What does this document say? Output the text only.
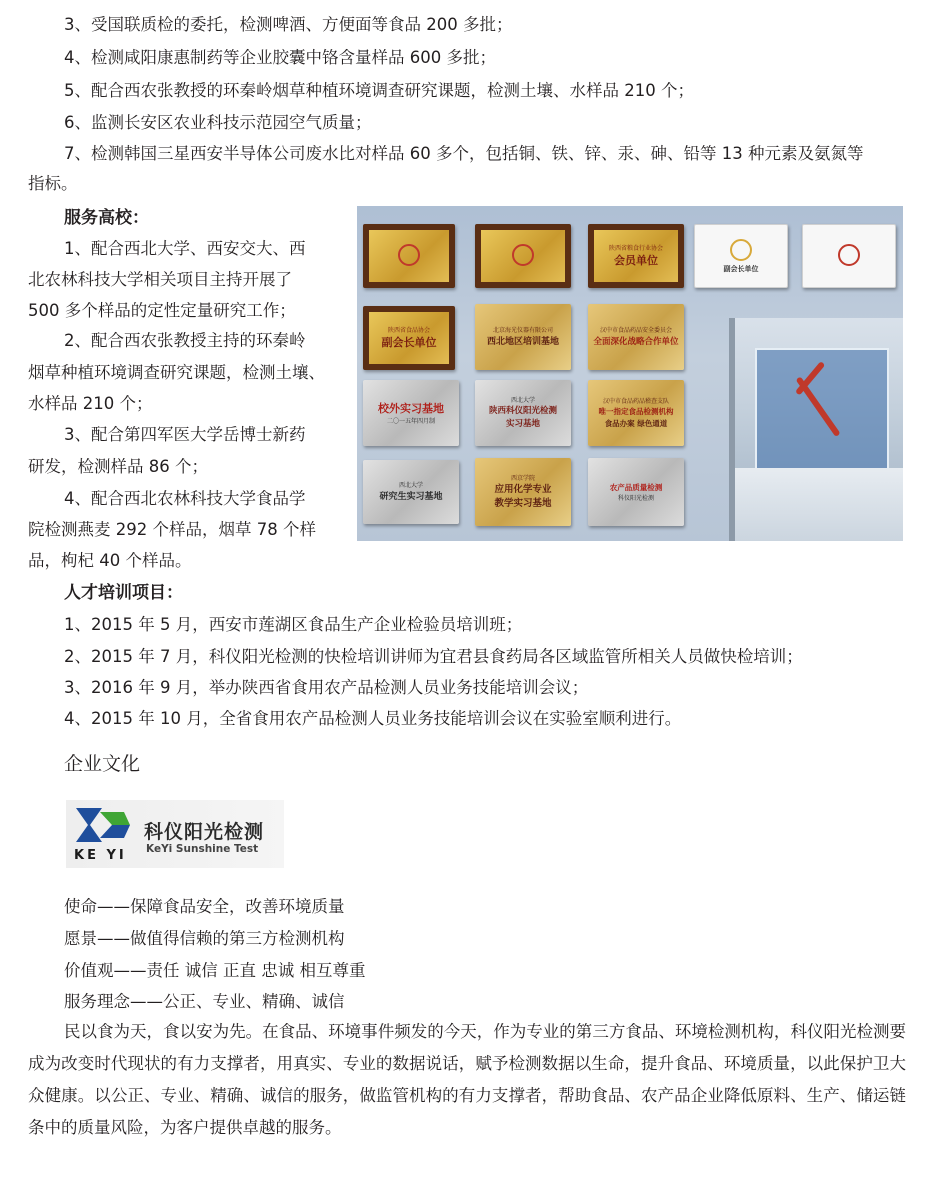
3、受国联质检的委托，检测啤酒、方便面等食品 200 多批；
4、检测咸阳康惠制药等企业胶囊中铬含量样品 600 多批；
5、配合西农张教授的环秦岭烟草种植环境调查研究课题，检测土壤、水样品 210 个；
6、监测长安区农业科技示范园空气质量；
7、检测韩国三星西安半导体公司废水比对样品 60 多个，包括铜、铁、锌、汞、砷、铅等 13 种元素及氨氮等
指标。
服务高校：
1、配合西北大学、西安交大、西
北农林科技大学相关项目主持开展了
500 多个样品的定性定量研究工作；
2、配合西农张教授主持的环秦岭
烟草种植环境调查研究课题，检测土壤、
水样品 210 个；
3、配合第四军医大学岳博士新药
研发，检测样品 86 个；
4、配合西北农林科技大学食品学
院检测燕麦 292 个样品，烟草 78 个样
品，枸杞 40 个样品。
陕西省粮食行业协会
会员单位
副会长单位
陕西省食品协会
副会长单位
北京海光仪器有限公司
西北地区培训基地
汉中市食品药品安全委员会
全面深化战略合作单位
校外实习基地
二〇一五年四月制
西北大学
陕西科仪阳光检测
实习基地
汉中市食品药品稽查支队
唯一指定食品检测机构
食品办案 绿色通道
西北大学
研究生实习基地
西京学院
应用化学专业
教学实习基地
农产品质量检测
科仪阳光检测
人才培训项目：
1、2015 年 5 月，西安市莲湖区食品生产企业检验员培训班；
2、2015 年 7 月，科仪阳光检测的快检培训讲师为宜君县食药局各区域监管所相关人员做快检培训；
3、2016 年 9 月，举办陕西省食用农产品检测人员业务技能培训会议；
4、2015 年 10 月，全省食用农产品检测人员业务技能培训会议在实验室顺利进行。
企业文化
KE YI
科仪阳光检测
KeYi Sunshine Test
使命——保障食品安全，改善环境质量
愿景——做值得信赖的第三方检测机构
价值观——责任 诚信 正直 忠诚 相互尊重
服务理念——公正、专业、精确、诚信
民以食为天，食以安为先。在食品、环境事件频发的今天，作为专业的第三方食品、环境检测机构，科仪阳光检测要成为改变时代现状的有力支撑者，用真实、专业的数据说话，赋予检测数据以生命，提升食品、环境质量，以此保护卫大众健康。以公正、专业、精确、诚信的服务，做监管机构的有力支撑者，帮助食品、农产品企业降低原料、生产、储运链条中的质量风险，为客户提供卓越的服务。
